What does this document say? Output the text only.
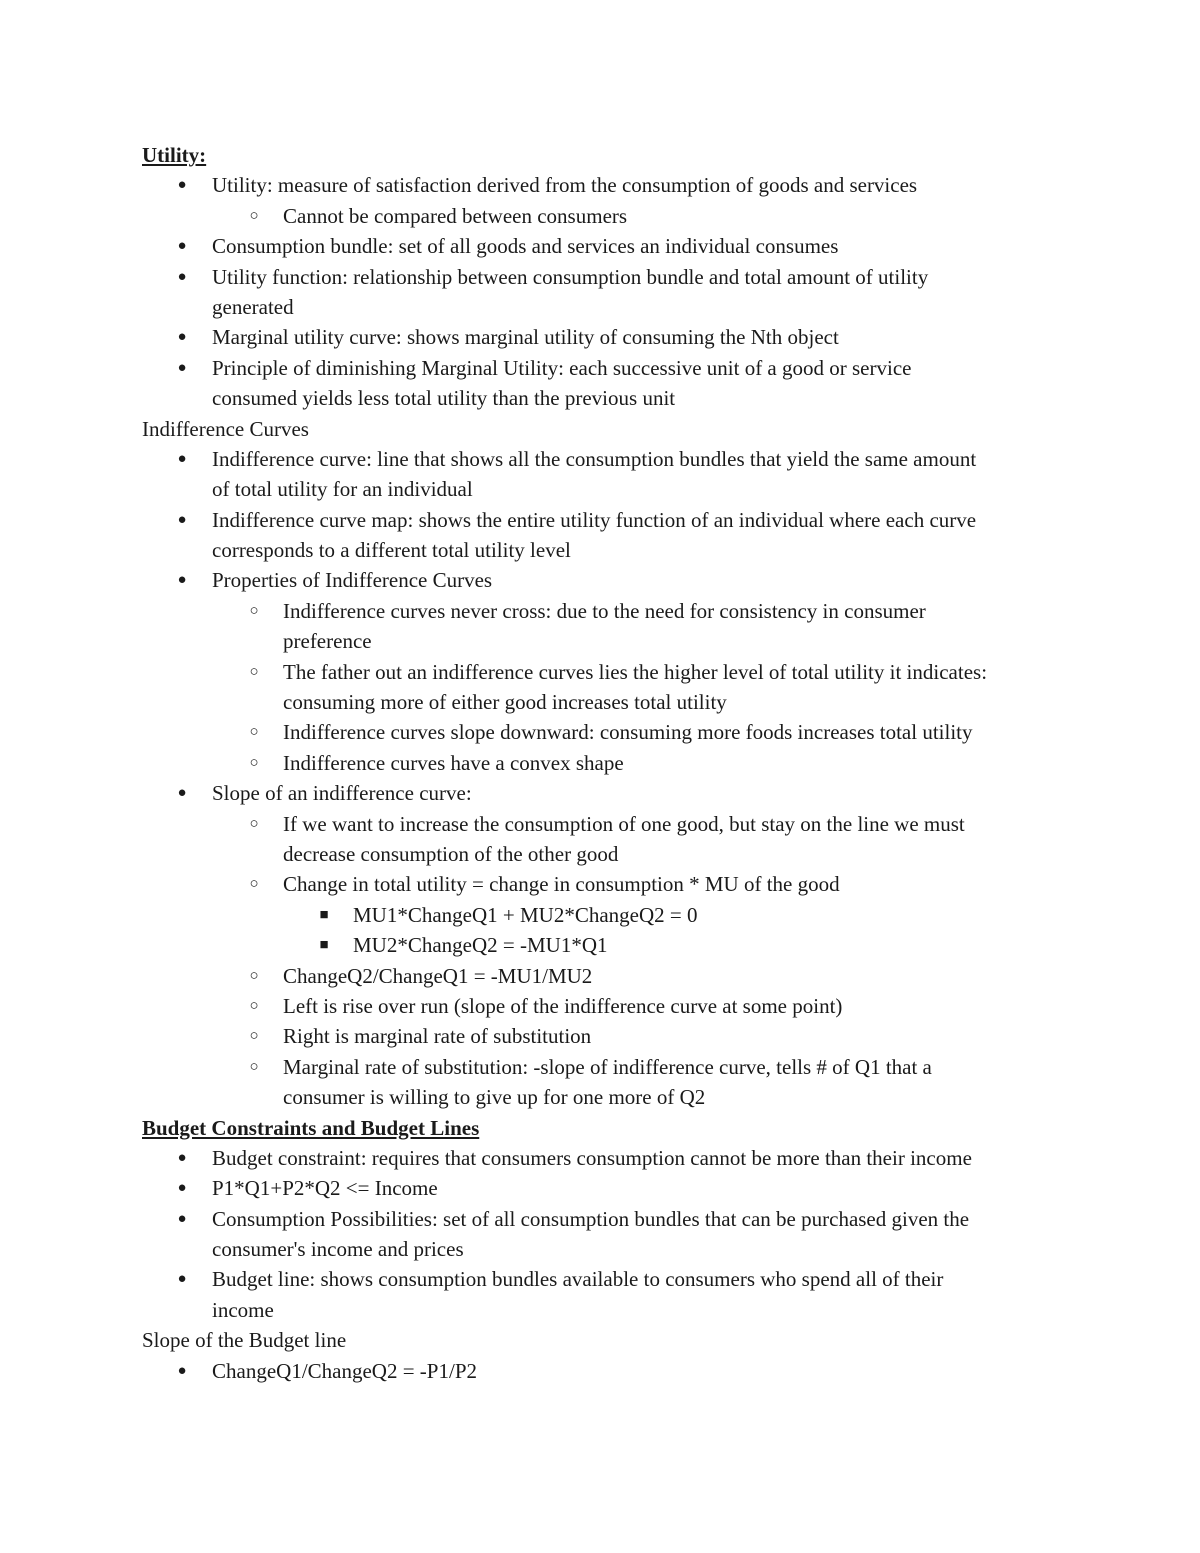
Utility:
● Utility: measure of satisfaction derived from the consumption of goods and services
○ Cannot be compared between consumers
● Consumption bundle: set of all goods and services an individual consumes
● Utility function: relationship between consumption bundle and total amount of utility
generated
● Marginal utility curve: shows marginal utility of consuming the Nth object
● Principle of diminishing Marginal Utility: each successive unit of a good or service
consumed yields less total utility than the previous unit
Indifference Curves
● Indifference curve: line that shows all the consumption bundles that yield the same amount
of total utility for an individual
● Indifference curve map: shows the entire utility function of an individual where each curve
corresponds to a different total utility level
● Properties of Indifference Curves
○ Indifference curves never cross: due to the need for consistency in consumer
preference
○ The father out an indifference curves lies the higher level of total utility it indicates:
consuming more of either good increases total utility
○ Indifference curves slope downward: consuming more foods increases total utility
○ Indifference curves have a convex shape
● Slope of an indifference curve:
○ If we want to increase the consumption of one good, but stay on the line we must
decrease consumption of the other good
○ Change in total utility = change in consumption * MU of the good
■ MU1*ChangeQ1 + MU2*ChangeQ2 = 0
■ MU2*ChangeQ2 = -MU1*Q1
○ ChangeQ2/ChangeQ1 = -MU1/MU2
○ Left is rise over run (slope of the indifference curve at some point)
○ Right is marginal rate of substitution
○ Marginal rate of substitution: -slope of indifference curve, tells # of Q1 that a
consumer is willing to give up for one more of Q2
Budget Constraints and Budget Lines
● Budget constraint: requires that consumers consumption cannot be more than their income
● P1*Q1+P2*Q2 <= Income
● Consumption Possibilities: set of all consumption bundles that can be purchased given the
consumer's income and prices
● Budget line: shows consumption bundles available to consumers who spend all of their
income
Slope of the Budget line
● ChangeQ1/ChangeQ2 = -P1/P2
